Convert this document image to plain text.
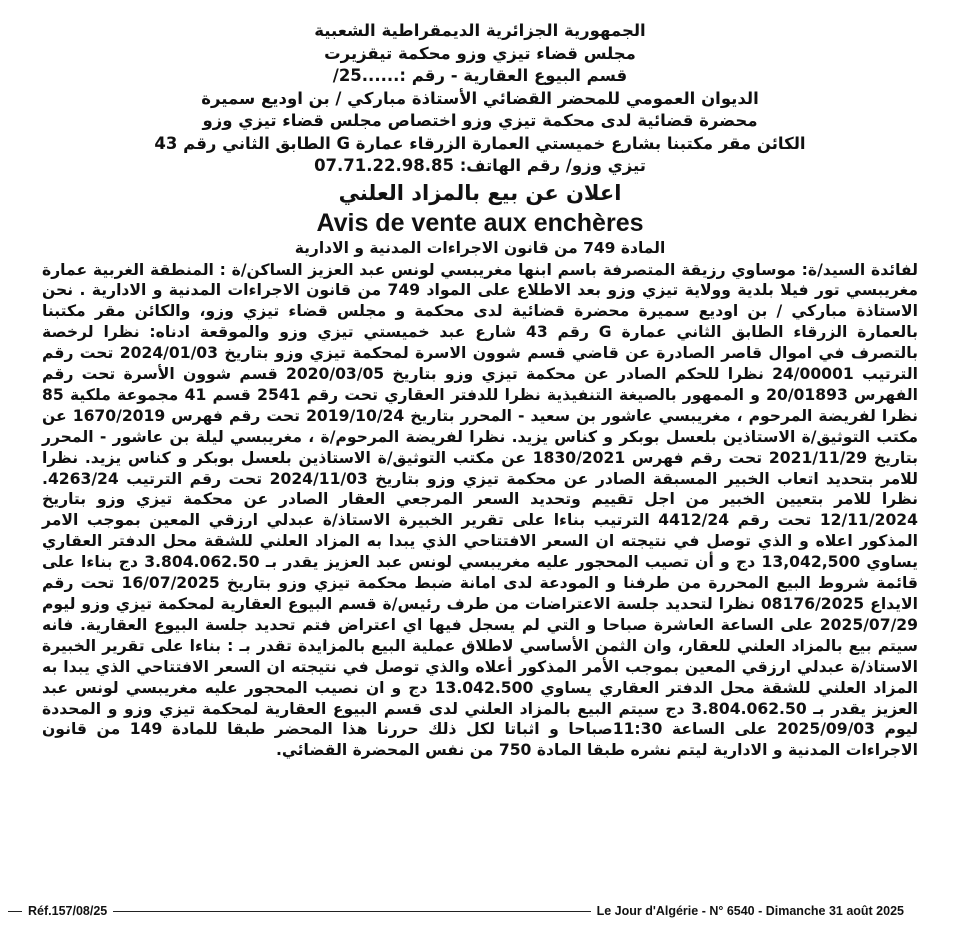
الجمهورية الجزائرية الديمقراطية الشعبية
مجلس قضاء تيزي وزو محكمة تيقزيرت
قسم البيوع العقارية - رقم :......25/
الديوان العمومي للمحضر القضائي الأستاذة مباركي / بن اوديع سميرة
محضرة قضائية لدى محكمة تيزي وزو اختصاص مجلس قضاء تيزي وزو
الكائن مقر مكتبنا بشارع خميستي العمارة الزرقاء عمارة G الطابق الثاني رقم 43
تيزي وزو/ رقم الهاتف: 07.71.22.98.85
اعلان عن بيع بالمزاد العلني
Avis de vente aux enchères
المادة 749 من قانون الاجراءات المدنية و الادارية

لفائدة السيد/ة: موساوي رزيقة المتصرفة باسم ابنها مغريبسي لونس عبد العزيز الساكن/ة : المنطقة الغربية عمارة مغريبسي تور فيلا بلدية وولاية تيزي وزو بعد الاطلاع على المواد 749 من قانون الاجراءات المدنية و الادارية . نحن الاستاذة مباركي / بن اوديع سميرة محضرة قضائية لدى محكمة و مجلس قضاء تيزي وزو، والكائن مقر مكتبنا بالعمارة الزرقاء الطابق الثاني عمارة G رقم 43 شارع عبد خميستي تيزي وزو والموقعة ادناه: نظرا لرخصة بالتصرف في اموال قاصر الصادرة عن قاضي قسم شوون الاسرة لمحكمة تيزي وزو بتاريخ 2024/01/03 تحت رقم الترتيب 24/00001 نظرا للحكم الصادر عن محكمة تيزي وزو بتاريخ 2020/03/05 قسم شوون الأسرة تحت رقم الفهرس 20/01893 و الممهور بالصيغة التنفيذية نظرا للدفتر العقاري تحت رقم 2541 قسم 41 مجموعة ملكية 85 نظرا لفريضة المرحوم ، مغريبسي عاشور بن سعيد - المحرر بتاريخ 2019/10/24 تحت رقم فهرس 1670/2019 عن مكتب التوثيق/ة الاستاذين بلعسل بوبكر و كناس يزيد. نظرا لفريضة المرحوم/ة ، مغريبسي ليلة بن عاشور - المحرر بتاريخ 2021/11/29 تحت رقم فهرس 1830/2021 عن مكتب التوثيق/ة الاستاذين بلعسل بوبكر و كناس يزيد. نظرا للامر بتحديد اتعاب الخبير المسبقة الصادر عن محكمة تيزي وزو بتاريخ 2024/11/03 تحت رقم الترتيب 4263/24. نظرا للامر بتعيين الخبير من اجل تقييم وتحديد السعر المرجعي العقار الصادر عن محكمة تيزي وزو بتاريخ 12/11/2024 تحت رقم 4412/24 الترتيب بناءا على تقرير الخبيرة الاستاذ/ة عبدلي ارزقي المعين بموجب الامر المذكور اعلاه و الذي توصل في نتيجته ان السعر الافتتاحي الذي يبدا به المزاد العلني للشقة محل الدفتر العقاري يساوي 13,042,500 دج و أن تصيب المحجور عليه مغريبسي لونس عبد العزيز يقدر بـ 3.804.062.50 دج بناءا على قائمة شروط البيع المحررة من طرفنا و المودعة لدى امانة ضبط محكمة تيزي وزو بتاريخ 16/07/2025 تحت رقم الايداع 08176/2025 نظرا لتحديد جلسة الاعتراضات من طرف رئيس/ة قسم البيوع العقارية لمحكمة تيزي وزو ليوم 2025/07/29 على الساعة العاشرة صباحا و التي لم يسجل فيها اي اعتراض فتم تحديد جلسة البيوع العقارية. فانه سيتم بيع بالمزاد العلني للعقار، وان الثمن الأساسي لاطلاق عملية البيع بالمزايدة تقدر بـ : بناءا على تقرير الخبيرة الاستاذ/ة عبدلي ارزقي المعين بموجب الأمر المذكور أعلاه والذي توصل في نتيجته ان السعر الافتتاحي الذي يبدا به المزاد العلني للشقة محل الدفتر العقاري يساوي 13.042.500 دج و ان نصيب المحجور عليه مغريبسي لونس عبد العزيز يقدر بـ 3.804.062.50 دج سيتم البيع بالمزاد العلني لدى قسم البيوع العقارية لمحكمة تيزي وزو و المحددة ليوم 2025/09/03 على الساعة 11:30صباحا و اثباتا لكل ذلك حررنا هذا المحضر طبقا للمادة 149 من قانون الاجراءات المدنية و الادارية ليتم نشره طبقا المادة 750 من نفس المحضرة القضائي.

Réf.157/08/25	Le Jour d'Algérie - N° 6540 - Dimanche 31 août 2025
